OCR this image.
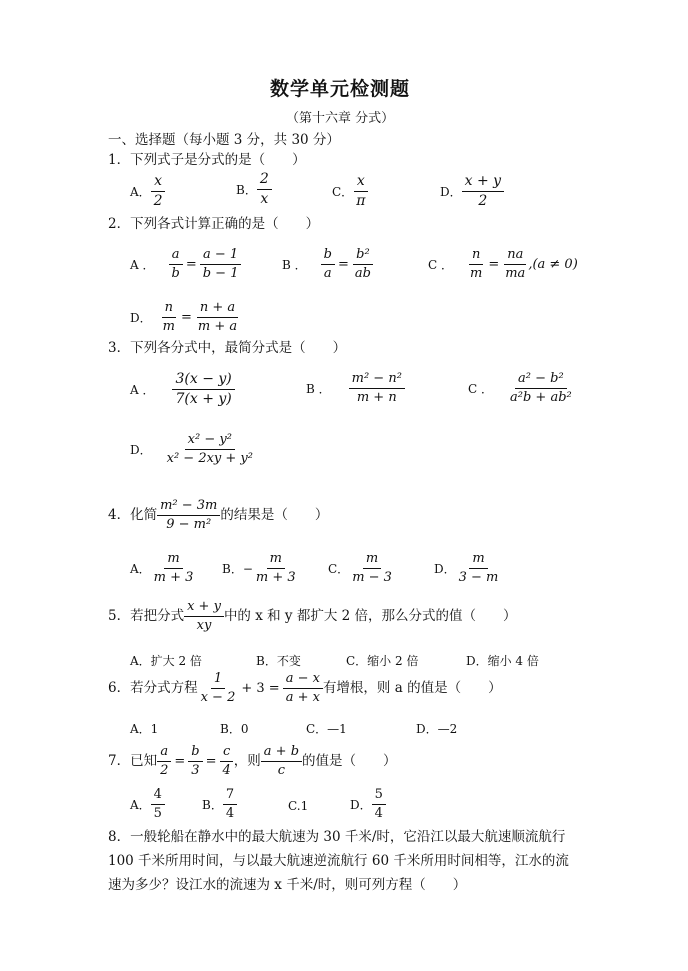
数学单元检测题
（第十六章 分式）
一、选择题（每小题 3 分，共 30 分）
1．下列式子是分式的是（　　）
A． $\frac{x}{2}$	B． $\frac{2}{x}$	C． $\frac{x}{\pi}$	D． $\frac{x + y}{2}$
2．下列各式计算正确的是（　　）
A ． $\frac{a}{b} = \frac{a - 1}{b - 1}$	B ． $\frac{b}{a} = \frac{\text{b²}}{ab}$	C ． $\frac{n}{m} = \frac{na}{ma} ,(a \ne 0)$
D． $\frac{n}{m} = \frac{n + a}{m + a}$
3．下列各分式中，最简分式是（　　）
A ． $\frac{3(x - y)}{7(x + y)}$	B ． $\frac{\text{m² − n²}}{m + n}$	C ． $\frac{\text{a² − b²}}{\text{a²b + ab²}}$
D． $\frac{\text{x² − y²}}{\text{x² − 2xy + y²}}$
4．化简 $\frac{\text{m² − 3m}}{\text{9 − m²}}$ 的结果是（　　）
A． $\frac{m}{m + 3}$ B．− $\frac{m}{m + 3}$ C． $\frac{m}{m - 3}$	D． $\frac{m}{3 - m}$
5．若把分式 $\frac{x + y}{xy}$ 中的 x 和 y 都扩大 2 倍，那么分式的值（　　）
A．扩大 2 倍	B．不变	C．缩小 2 倍	D．缩小 4 倍
6．若分式方程 $\frac{1}{x - 2} + 3 = \frac{a - x}{a + x}$ 有增根，则 a 的值是（　　）
A．1	B．0	C．—1	D．—2
7．已知 $\frac{a}{2} = \frac{b}{3} = \frac{c}{4}$ ，则 $\frac{a + b}{c}$ 的值是（　　）
A． $\frac{4}{5}$	B． $\frac{7}{4}$	C.1	D． $\frac{5}{4}$
8．一般轮船在静水中的最大航速为 30 千米/时，它沿江以最大航速顺流航行 100 千米所用时间，与以最大航速逆流航行 60 千米所用时间相等，江水的流速为多少？设江水的流速为 x 千米/时，则可列方程（　　）
